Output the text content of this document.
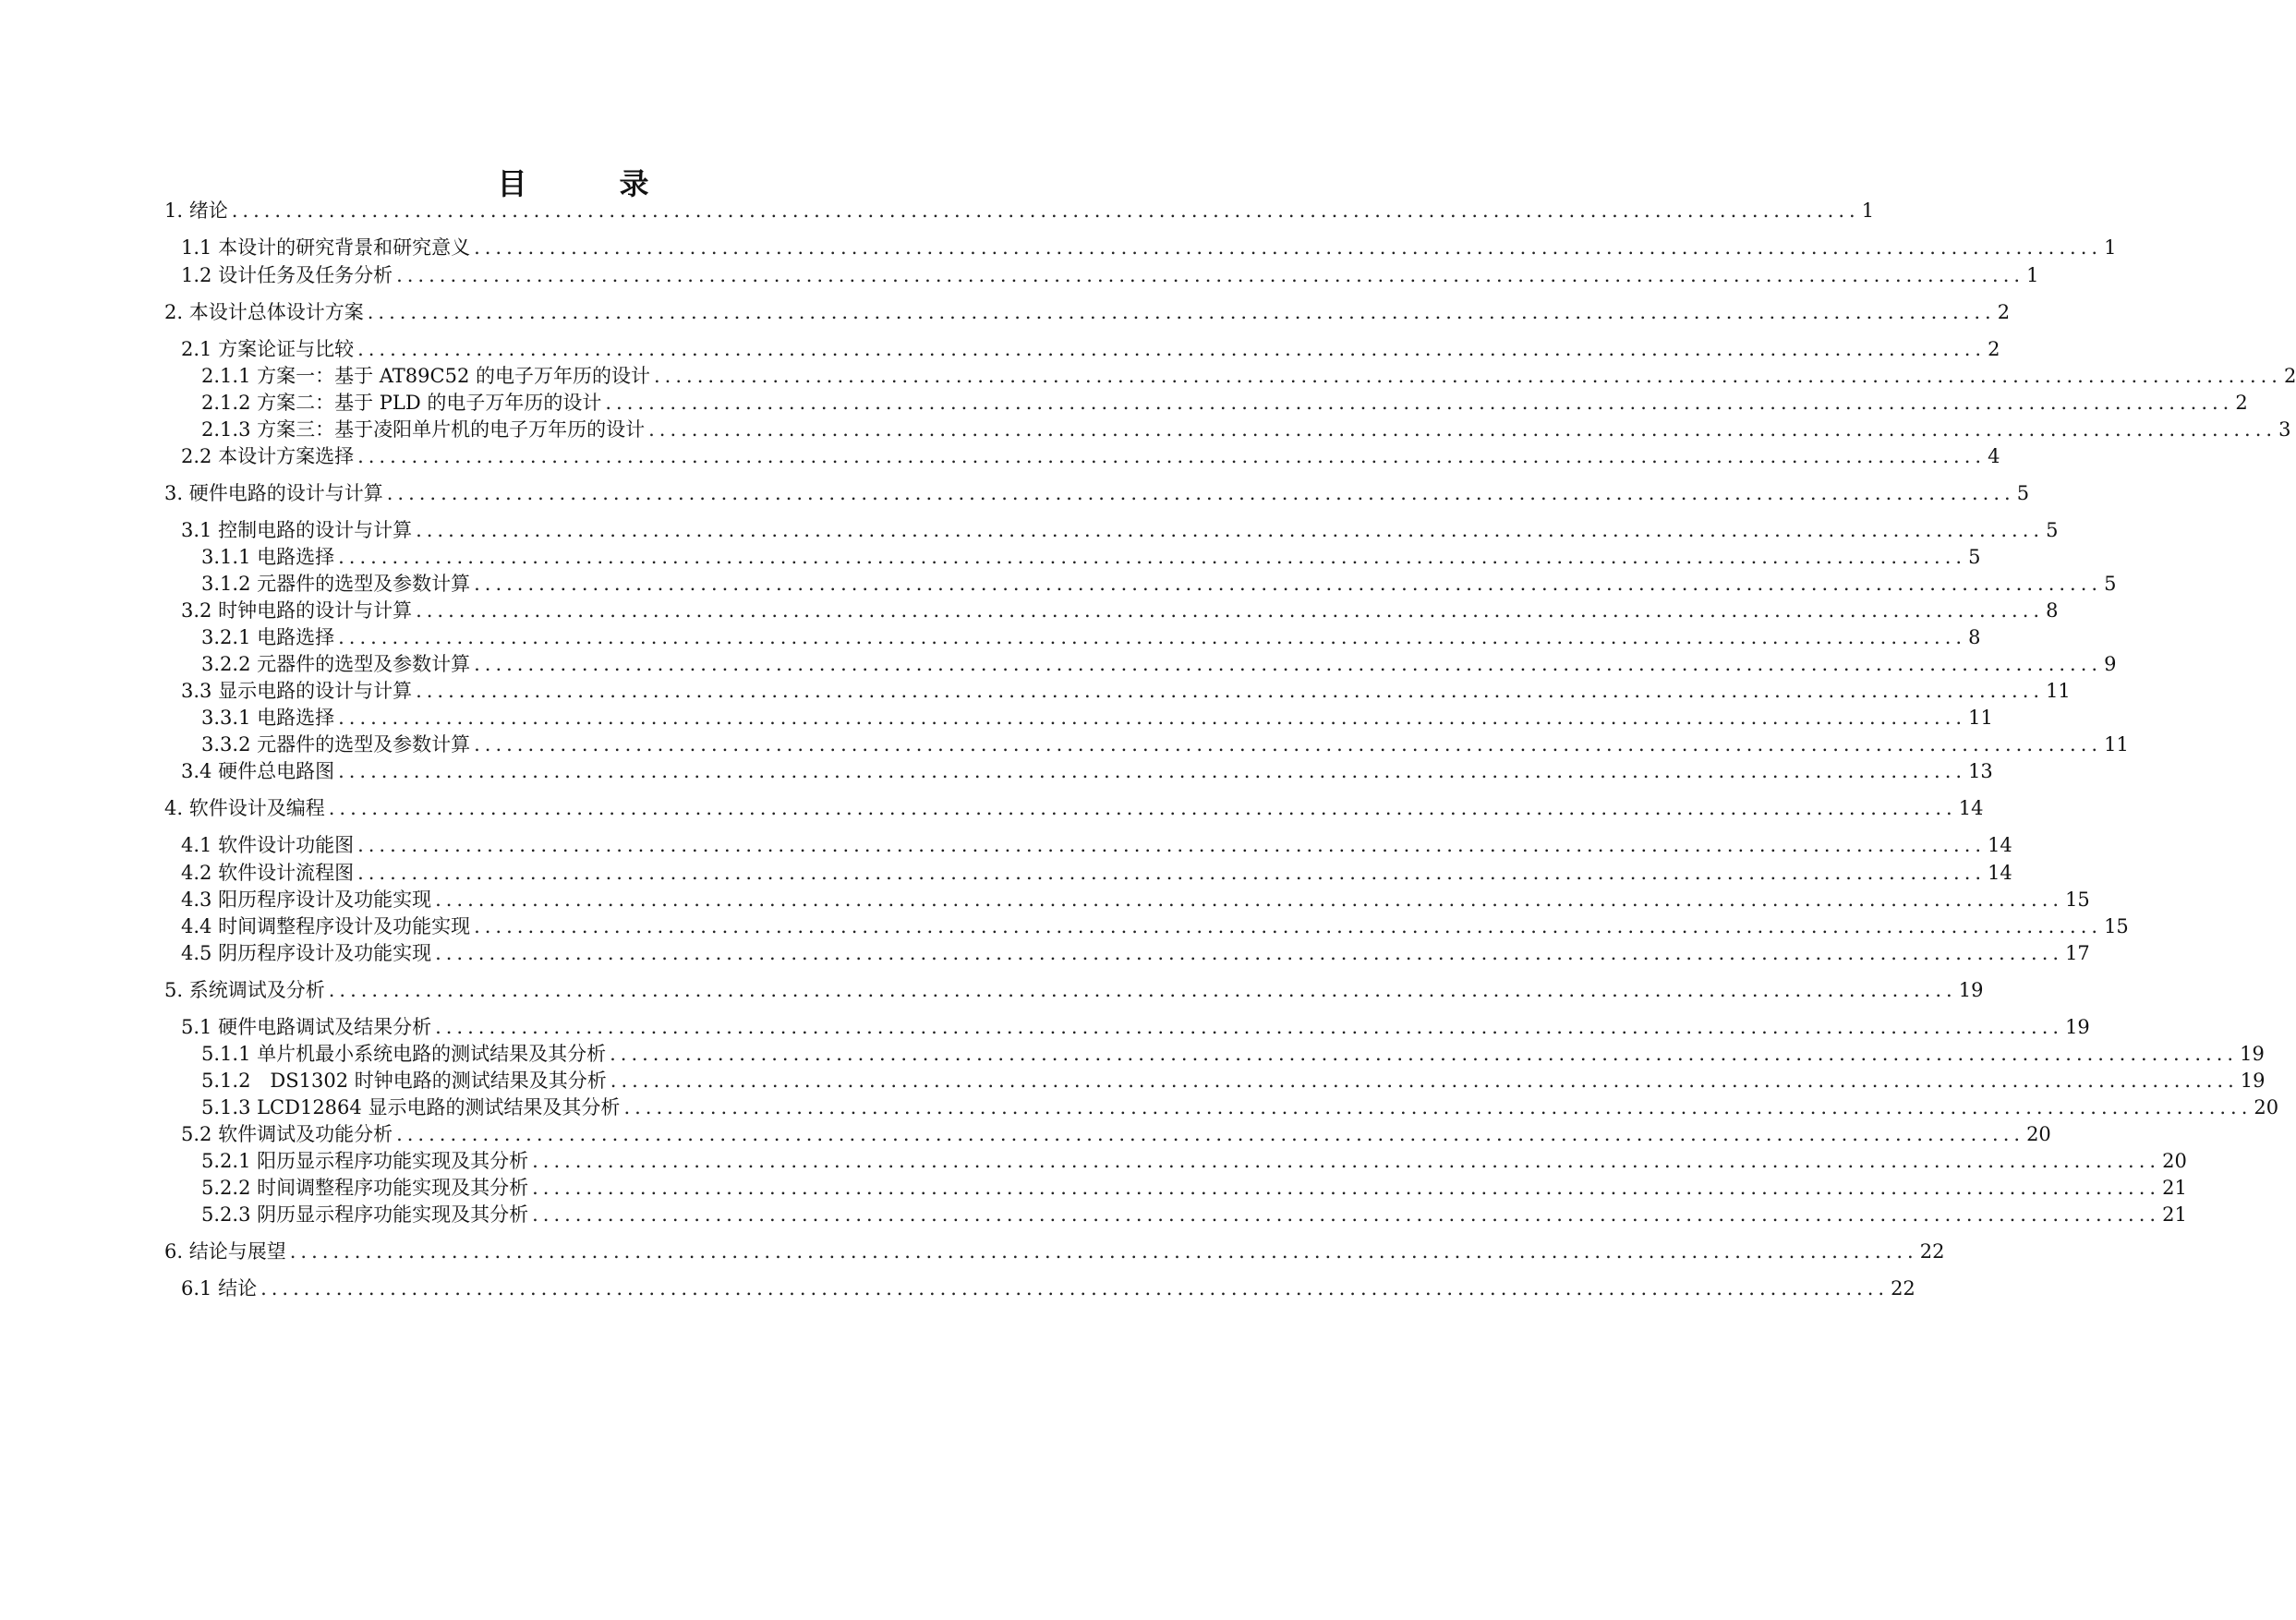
目　录
1. 绪论 ....................................................................................................................................................... 1
1.1 本设计的研究背景和研究意义 ....................................................................................................................................................... 1
1.2 设计任务及任务分析 ....................................................................................................................................................... 1
2. 本设计总体设计方案 ....................................................................................................................................................... 2
2.1 方案论证与比较 ....................................................................................................................................................... 2
2.1.1 方案一：基于 AT89C52 的电子万年历的设计 ....................................................................................................................................................... 2
2.1.2 方案二：基于 PLD 的电子万年历的设计 ....................................................................................................................................................... 2
2.1.3 方案三：基于凌阳单片机的电子万年历的设计 ....................................................................................................................................................... 3
2.2 本设计方案选择 ....................................................................................................................................................... 4
3. 硬件电路的设计与计算 ....................................................................................................................................................... 5
3.1 控制电路的设计与计算 ....................................................................................................................................................... 5
3.1.1 电路选择 ....................................................................................................................................................... 5
3.1.2 元器件的选型及参数计算 ....................................................................................................................................................... 5
3.2 时钟电路的设计与计算 ....................................................................................................................................................... 8
3.2.1 电路选择 ....................................................................................................................................................... 8
3.2.2 元器件的选型及参数计算 ....................................................................................................................................................... 9
3.3 显示电路的设计与计算 ....................................................................................................................................................... 11
3.3.1 电路选择 ....................................................................................................................................................... 11
3.3.2 元器件的选型及参数计算 ....................................................................................................................................................... 11
3.4 硬件总电路图 ....................................................................................................................................................... 13
4. 软件设计及编程 ....................................................................................................................................................... 14
4.1 软件设计功能图 ....................................................................................................................................................... 14
4.2 软件设计流程图 ....................................................................................................................................................... 14
4.3 阳历程序设计及功能实现 ....................................................................................................................................................... 15
4.4 时间调整程序设计及功能实现 ....................................................................................................................................................... 15
4.5 阴历程序设计及功能实现 ....................................................................................................................................................... 17
5. 系统调试及分析 ....................................................................................................................................................... 19
5.1 硬件电路调试及结果分析 ....................................................................................................................................................... 19
5.1.1 单片机最小系统电路的测试结果及其分析 ....................................................................................................................................................... 19
5.1.2　DS1302 时钟电路的测试结果及其分析 ....................................................................................................................................................... 19
5.1.3 LCD12864 显示电路的测试结果及其分析 ....................................................................................................................................................... 20
5.2 软件调试及功能分析 ....................................................................................................................................................... 20
5.2.1 阳历显示程序功能实现及其分析 ....................................................................................................................................................... 20
5.2.2 时间调整程序功能实现及其分析 ....................................................................................................................................................... 21
5.2.3 阴历显示程序功能实现及其分析 ....................................................................................................................................................... 21
6. 结论与展望 ....................................................................................................................................................... 22
6.1 结论 ....................................................................................................................................................... 22
